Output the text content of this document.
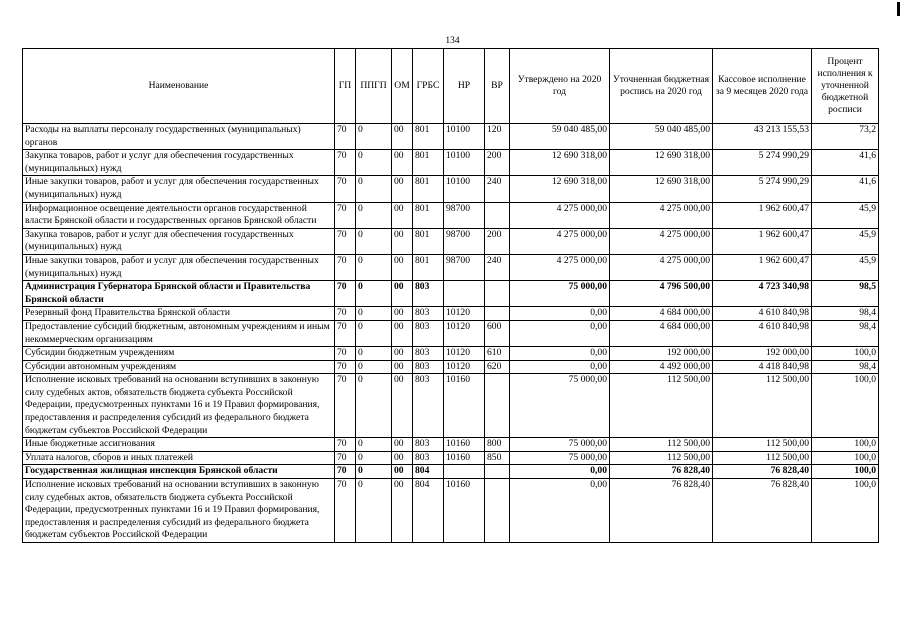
134
Наименование	ГП	ППГП	ОМ	ГРБС	НР	ВР	Утверждено на 2020 год	Уточненная бюджетная роспись на 2020 год	Кассовое исполнение за 9 месяцев 2020 года	Процент исполнения к уточненной бюджетной росписи
Расходы на выплаты персоналу государственных (муниципальных) органов	70	0	00	801	10100	120	59 040 485,00	59 040 485,00	43 213 155,53	73,2
Закупка товаров, работ и услуг для обеспечения государственных (муниципальных) нужд	70	0	00	801	10100	200	12 690 318,00	12 690 318,00	5 274 990,29	41,6
Иные закупки товаров, работ и услуг для обеспечения государственных (муниципальных) нужд	70	0	00	801	10100	240	12 690 318,00	12 690 318,00	5 274 990,29	41,6
Информационное освещение деятельности органов государственной власти Брянской области и государственных органов Брянской области	70	0	00	801	98700		4 275 000,00	4 275 000,00	1 962 600,47	45,9
Закупка товаров, работ и услуг для обеспечения государственных (муниципальных) нужд	70	0	00	801	98700	200	4 275 000,00	4 275 000,00	1 962 600,47	45,9
Иные закупки товаров, работ и услуг для обеспечения государственных (муниципальных) нужд	70	0	00	801	98700	240	4 275 000,00	4 275 000,00	1 962 600,47	45,9
Администрация Губернатора Брянской области и Правительства Брянской области	70	0	00	803			75 000,00	4 796 500,00	4 723 340,98	98,5
Резервный фонд Правительства Брянской области	70	0	00	803	10120		0,00	4 684 000,00	4 610 840,98	98,4
Предоставление субсидий бюджетным, автономным учреждениям и иным некоммерческим организациям	70	0	00	803	10120	600	0,00	4 684 000,00	4 610 840,98	98,4
Субсидии бюджетным учреждениям	70	0	00	803	10120	610	0,00	192 000,00	192 000,00	100,0
Субсидии автономным учреждениям	70	0	00	803	10120	620	0,00	4 492 000,00	4 418 840,98	98,4
Исполнение исковых требований на основании вступивших в законную силу судебных актов, обязательств бюджета субъекта Российской Федерации, предусмотренных пунктами 16 и 19 Правил формирования, предоставления и распределения субсидий из федерального бюджета бюджетам субъектов Российской Федерации	70	0	00	803	10160		75 000,00	112 500,00	112 500,00	100,0
Иные бюджетные ассигнования	70	0	00	803	10160	800	75 000,00	112 500,00	112 500,00	100,0
Уплата налогов, сборов и иных платежей	70	0	00	803	10160	850	75 000,00	112 500,00	112 500,00	100,0
Государственная жилищная инспекция Брянской области	70	0	00	804			0,00	76 828,40	76 828,40	100,0
Исполнение исковых требований на основании вступивших в законную силу судебных актов, обязательств бюджета субъекта Российской Федерации, предусмотренных пунктами 16 и 19 Правил формирования, предоставления и распределения субсидий из федерального бюджета бюджетам субъектов Российской Федерации	70	0	00	804	10160		0,00	76 828,40	76 828,40	100,0
